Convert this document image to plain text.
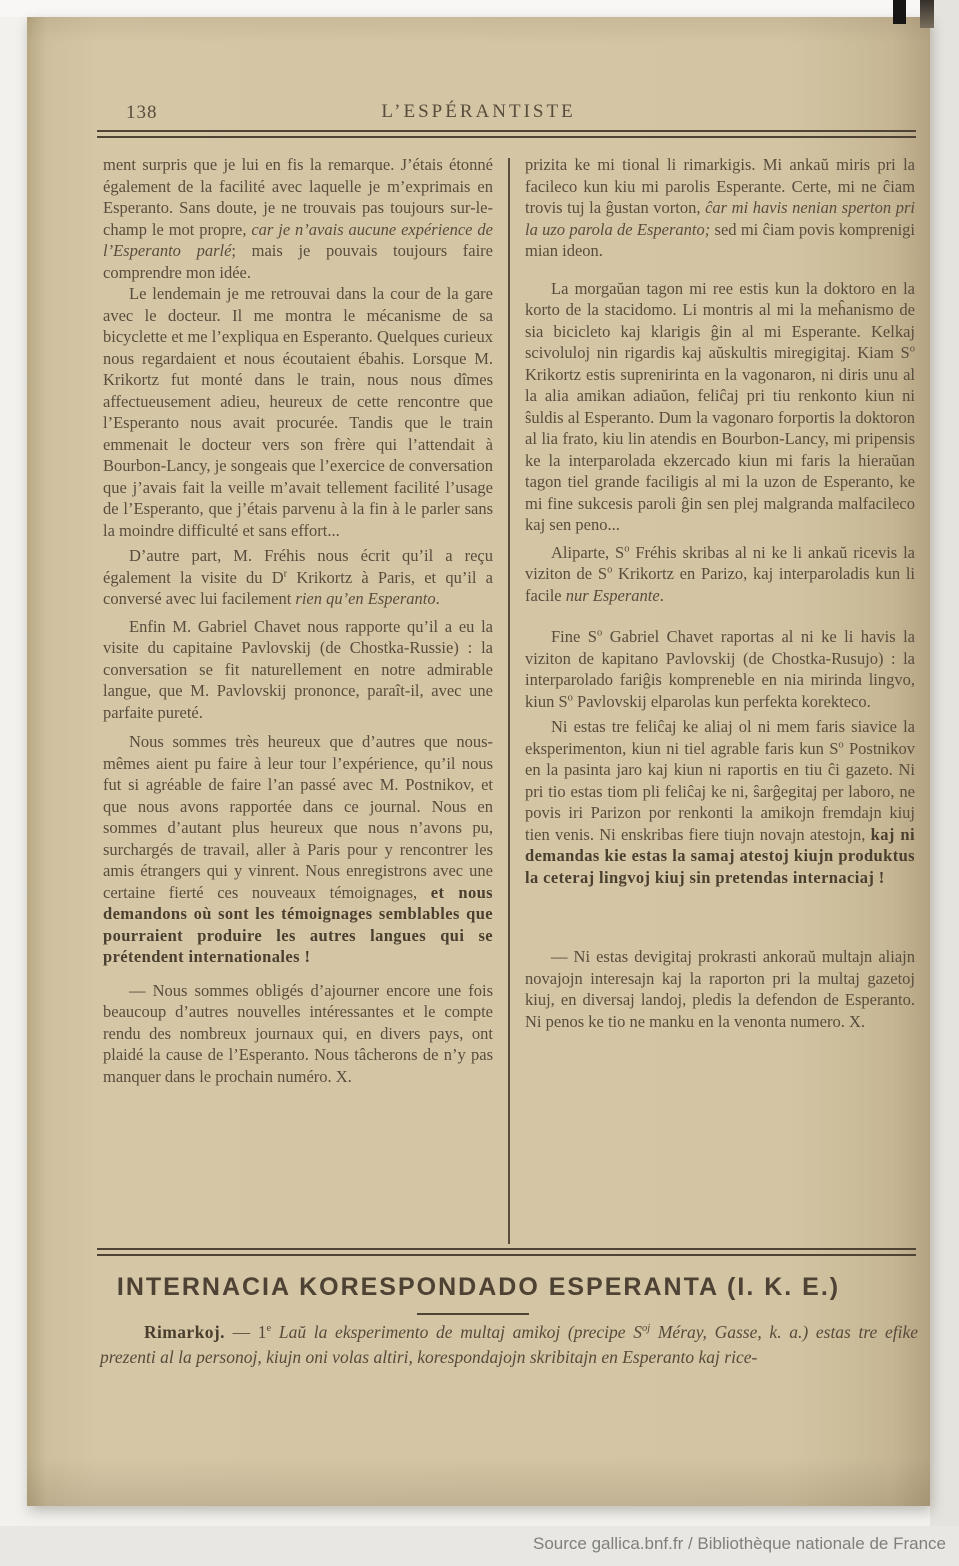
138	L’ESPÉRANTISTE

ment surpris que je lui en fis la remarque. J’étais étonné également de la facilité avec laquelle je m’exprimais en Esperanto. Sans doute, je ne trouvais pas toujours sur-le-champ le mot propre, car je n’avais aucune expérience de l’Esperanto parlé; mais je pouvais toujours faire comprendre mon idée.

Le lendemain je me retrouvai dans la cour de la gare avec le docteur. Il me montra le mécanisme de sa bicyclette et me l’expliqua en Esperanto. Quelques curieux nous regardaient et nous écoutaient ébahis. Lorsque M. Krikortz fut monté dans le train, nous nous dîmes affectueusement adieu, heureux de cette rencontre que l’Esperanto nous avait procurée. Tandis que le train emmenait le docteur vers son frère qui l’attendait à Bourbon-Lancy, je songeais que l’exercice de conversation que j’avais fait la veille m’avait tellement facilité l’usage de l’Esperanto, que j’étais parvenu à la fin à le parler sans la moindre difficulté et sans effort...

D’autre part, M. Fréhis nous écrit qu’il a reçu également la visite du $D^r$ Krikortz à Paris, et qu’il a conversé avec lui facilement rien qu’en Esperanto.

Enfin M. Gabriel Chavet nous rapporte qu’il a eu la visite du capitaine Pavlovskij (de Chostka-Russie) : la conversation se fit naturellement en notre admirable langue, que M. Pavlovskij prononce, paraît-il, avec une parfaite pureté.

Nous sommes très heureux que d’autres que nous-mêmes aient pu faire à leur tour l’expérience, qu’il nous fut si agréable de faire l’an passé avec M. Postnikov, et que nous avons rapportée dans ce journal. Nous en sommes d’autant plus heureux que nous n’avons pu, surchargés de travail, aller à Paris pour y rencontrer les amis étrangers qui y vinrent. Nous enregistrons avec une certaine fierté ces nouveaux témoignages, et nous demandons où sont les témoignages semblables que pourraient produire les autres langues qui se prétendent internationales !

— Nous sommes obligés d’ajourner encore une fois beaucoup d’autres nouvelles intéressantes et le compte rendu des nombreux journaux qui, en divers pays, ont plaidé la cause de l’Esperanto. Nous tâcherons de n’y pas manquer dans le prochain numéro. X.

prizita ke mi tional li rimarkigis. Mi ankaŭ miris pri la facileco kun kiu mi parolis Esperante. Certe, mi ne ĉiam trovis tuj la ĝustan vorton, ĉar mi havis nenian sperton pri la uzo parola de Esperanto; sed mi ĉiam povis komprenigi mian ideon.

La morgaŭan tagon mi ree estis kun la doktoro en la korto de la stacidomo. Li montris al mi la meĥanismo de sia bicicleto kaj klarigis ĝin al mi Esperante. Kelkaj scivoluloj nin rigardis kaj aŭskultis miregigitaj. Kiam $S^o$ Krikortz estis suprenirinta en la vagonaron, ni diris unu al la alia amikan adiaŭon, feliĉaj pri tiu renkonto kiun ni ŝuldis al Esperanto. Dum la vagonaro forportis la doktoron al lia frato, kiu lin atendis en Bourbon-Lancy, mi pripensis ke la interparolada ekzercado kiun mi faris la hieraŭan tagon tiel grande faciligis al mi la uzon de Esperanto, ke mi fine sukcesis paroli ĝin sen plej malgranda malfacileco kaj sen peno...

Aliparte, $S^o$ Fréhis skribas al ni ke li ankaŭ ricevis la viziton de $S^o$ Krikortz en Parizo, kaj interparoladis kun li facile nur Esperante.

Fine $S^o$ Gabriel Chavet raportas al ni ke li havis la viziton de kapitano Pavlovskij (de Chostka-Rusujo) : la interparolado fariĝis kompreneble en nia mirinda lingvo, kiun $S^o$ Pavlovskij elparolas kun perfekta korekteco.

Ni estas tre feliĉaj ke aliaj ol ni mem faris siavice la eksperimenton, kiun ni tiel agrable faris kun $S^o$ Postnikov en la pasinta jaro kaj kiun ni raportis en tiu ĉi gazeto. Ni pri tio estas tiom pli feliĉaj ke ni, ŝarĝegitaj per laboro, ne povis iri Parizon por renkonti la amikojn fremdajn kiuj tien venis. Ni enskribas fiere tiujn novajn atestojn, kaj ni demandas kie estas la samaj atestoj kiujn produktus la ceteraj lingvoj kiuj sin pretendas internaciaj !

— Ni estas devigitaj prokrasti ankoraŭ multajn aliajn novajojn interesajn kaj la raporton pri la multaj gazetoj kiuj, en diversaj landoj, pledis la defendon de Esperanto. Ni penos ke tio ne manku en la venonta numero. X.

INTERNACIA KORESPONDADO ESPERANTA (I. K. E.)
Rimarkoj. — 1e Laŭ la eksperimento de multaj amikoj (precipe $S^{oj}$ Méray, Gasse, k. a.) estas tre efike prezenti al la personoj, kiujn oni volas altiri, korespondajojn skribitajn en Esperanto kaj rice-
Source gallica.bnf.fr / Bibliothèque nationale de France
